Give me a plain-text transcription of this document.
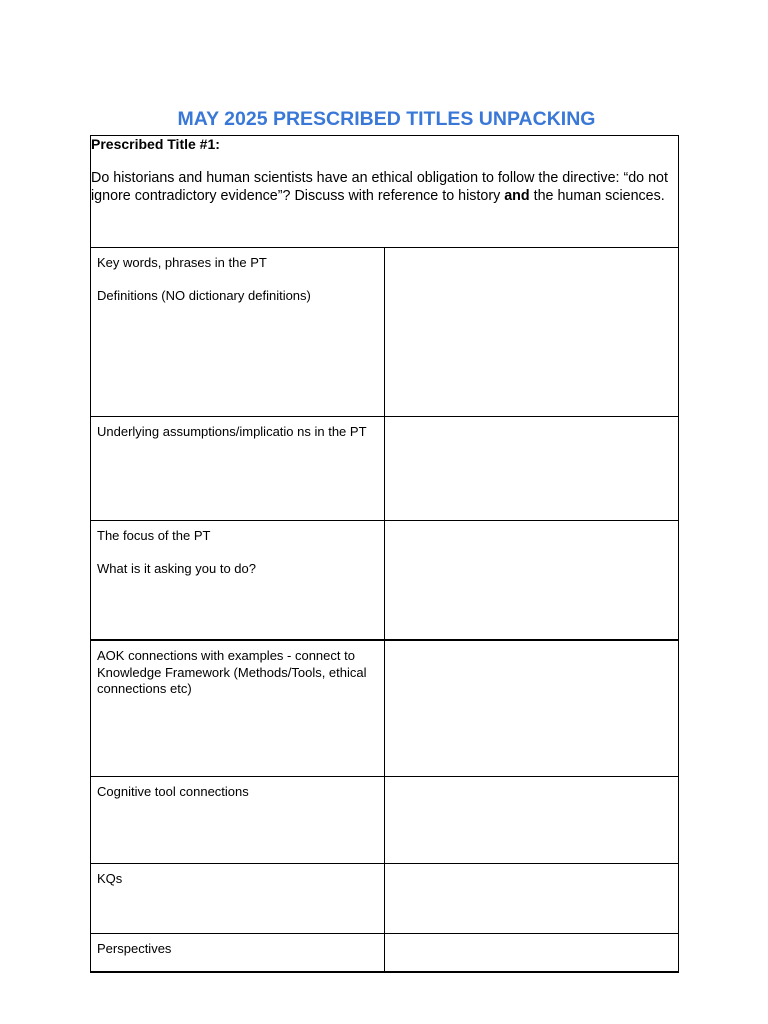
MAY 2025 PRESCRIBED TITLES UNPACKING

Prescribed Title #1:

Do historians and human scientists have an ethical obligation to follow the directive: “do not ignore contradictory evidence”? Discuss with reference to history and the human sciences.	

Key words, phrases in the PT
Definitions (NO dictionary definitions)	

Underlying assumptions/implicatio ns in the PT	

The focus of the PT
What is it asking you to do?	

AOK connections with examples - connect to Knowledge Framework (Methods/Tools, ethical connections etc)	

Cognitive tool connections	

KQs	

Perspectives	
